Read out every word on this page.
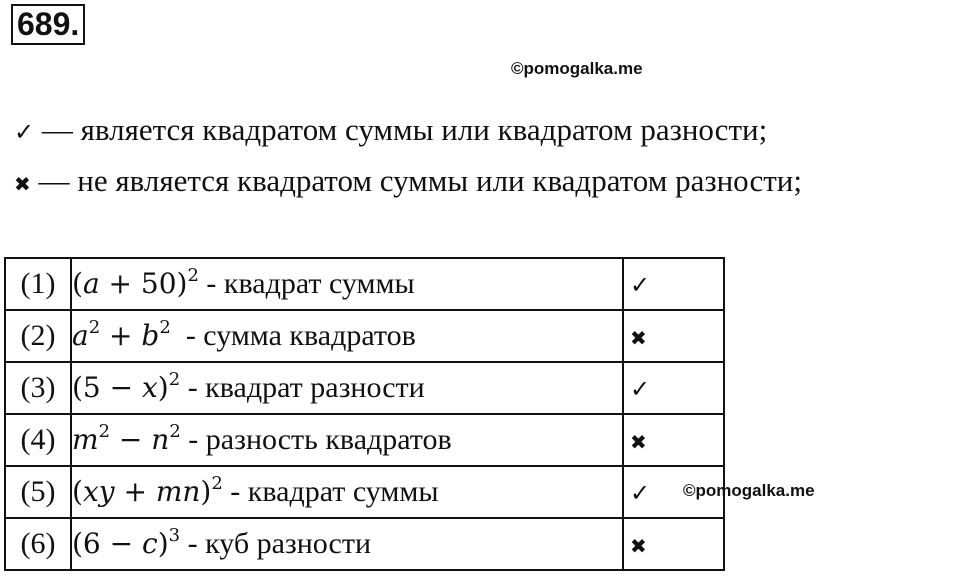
689.
©pomogalka.me
✓ — является квадратом суммы или квадратом разности;
✖ — не является квадратом суммы или квадратом разности;
(1)	$(a + 50)^2$ - квадрат суммы	✓
(2)	$a^2 + b^2$  - сумма квадратов	✖
(3)	$(5 - x)^2$ - квадрат разности	✓
(4)	$m^2 - n^2$ - разность квадратов	✖
(5)	(xy + mn)$^2$ - квадрат суммы	✓
(6)	$(6 - c)^3$ - куб разности	✖
©pomogalka.me
